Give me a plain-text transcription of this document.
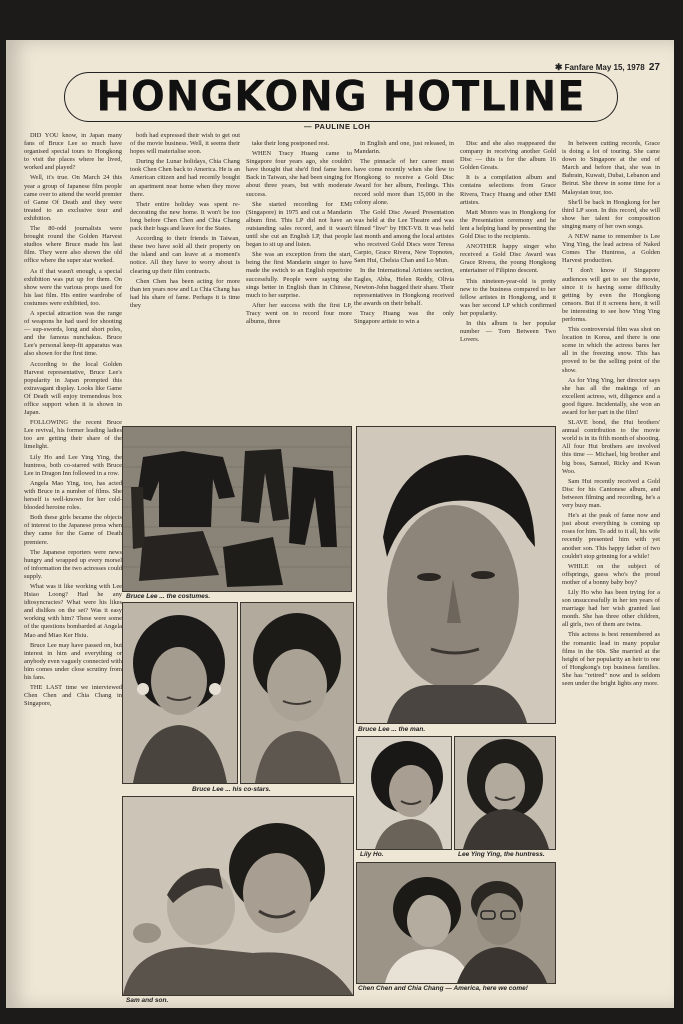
✱ Fanfare May 15, 1978 27
HONGKONG HOTLINE
— PAULINE LOH

DID YOU know, in Japan many fans of Bruce Lee so much have organised special tours to Hongkong to visit the places where he lived, worked and played?

Well, it's true. On March 24 this year a group of Japanese film people came over to attend the world premier of Game Of Death and they were treated to an exclusive tour and exhibition.

The 80-odd journalists were brought round the Golden Harvest studios where Bruce made his last film. They were also shown the old office where the super star worked.

As if that wasn't enough, a special exhibition was put up for them. On show were the various props used for his last film. His entire wardrobe of costumes were exhibited, too.

A special attraction was the range of weapons he had used for shooting — sup-swords, long and short poles, and the famous nunchakus. Bruce Lee's personal keep-fit apparatus was also shown for the first time.

According to the local Golden Harvest representative, Bruce Lee's popularity in Japan prompted this extravagant display. Looks like Game Of Death will enjoy tremendous box office support when it is shown in Japan.

FOLLOWING the recent Bruce Lee revival, his former leading ladies too are getting their share of the limelight.

Lily Ho and Lee Ying Ying, the huntress, both co-starred with Bruce Lee in Dragon Inn followed in a row.

Angela Mao Ying, too, has acted with Bruce in a number of films. She herself is well-known for her cold-blooded heroine roles.

Both these girls became the objects of interest to the Japanese press when they came for the Game of Death premiere.

The Japanese reporters were news hungry and wrapped up every morsel of information the two actresses could supply.

What was it like working with Lee Hsiao Loong? Had he any idiosyncracies? What were his likes and dislikes on the set? Was it easy working with him? These were some of the questions bombarded at Angela Mao and Miao Ker Hsiu.

Bruce Lee may have passed on, but interest in him and everything or anybody even vaguely connected with him comes under close scrutiny from his fans.

THE LAST time we interviewed Chen Chen and Chia Chang in Singapore,

both had expressed their wish to get out of the movie business. Well, it seems their hopes will materialise soon.

During the Lunar holidays, Chia Chang took Chen Chen back to America. He is an American citizen and had recently bought an apartment near home when they move there.

Their entire holiday was spent re-decorating the new home. It won't be too long before Chen Chen and Chia Chang pack their bags and leave for the States.

According to their friends in Taiwan, these two have sold all their property on the island and can leave at a moment's notice. All they have to worry about is clearing up their film contracts.

Chen Chen has been acting for more than ten years now and Lu Chia Chang has had his share of fame. Perhaps it is time they

take their long postponed rest.

WHEN Tracy Huang came to Singapore four years ago, she couldn't have thought that she'd find fame here. Back in Taiwan, she had been singing for about three years, but with moderate success.

She started recording for EMI (Singapore) in 1975 and cut a Mandarin album first. This LP did not have an outstanding sales record, and it wasn't until she cut an English LP, that people began to sit up and listen.

She was an exception from the start, being the first Mandarin singer to have made the switch to an English repertoire successfully. People were saying she sings better in English than in Chinese, much to her surprise.

After her success with the first LP, Tracy went on to record four more albums, three

in English and one, just released, in Mandarin.

The pinnacle of her career must have come recently when she flew to Hongkong to receive a Gold Disc Award for her album, Feelings. This record sold more than 15,000 in the colony alone.

The Gold Disc Award Presentation was held at the Lee Theatre and was filmed "live" by HKT-V8. It was held last month and among the local artistes who received Gold Discs were Teresa Carpio, Grace Rivera, New Topnotes, Sam Hui, Chelsia Chan and Lo Mun.

In the International Artistes section, Eagles, Abba, Helen Reddy, Olivia Newton-John bagged their share. Their representatives in Hongkong received the awards on their behalf.

Tracy Huang was the only Singapore artiste to win a

Disc and she also reappeared the company in receiving another Gold Disc — this is for the album 16 Golden Greats.

It is a compilation album and contains selections from Grace Rivera, Tracy Huang and other EMI artistes.

Matt Monro was in Hongkong for the Presentation ceremony and he lent a helping hand by presenting the Gold Disc to the recipients.

ANOTHER happy singer who received a Gold Disc Award was Grace Rivera, the young Hongkong entertainer of Filipino descent.

This nineteen-year-old is pretty new to the business compared to her fellow artistes in Hongkong, and it was her second LP which confirmed her popularity.

In this album is her popular number — Torn Between Two Lovers.

In between cutting records, Grace is doing a lot of touring. She came down to Singapore at the end of March and before that, she was in Bahrain, Kuwait, Dubai, Lebanon and Beirut. She threw in some time for a Malaysian tour, too.

She'll be back in Hongkong for her third LP soon. In this record, she will show her talent for composition singing many of her own songs.

A NEW name to remember is Lee Ying Ying, the lead actress of Naked Comes The Huntress, a Golden Harvest production.

"I don't know if Singapore audiences will get to see the movie, since it is having some difficulty getting by even the Hongkong censors. But if it screens here, it will be interesting to see how Ying Ying performs.

This controversial film was shot on location in Korea, and there is one scene in which the actress bares her all in the freezing snow. This has proved to be the selling point of the show.

As for Ying Ying, her director says she has all the makings of an excellent actress, wit, diligence and a good figure. Incidentally, she won an award for her part in the film!

SLAVE bond, the Hui brothers' annual contribution to the movie world is in its fifth month of shooting. All four Hui brothers are involved this time — Michael, big brother and big boss, Samuel, Ricky and Kwan Woo.

Sam Hui recently received a Gold Disc for his Cantonese album, and between filming and recording, he's a very busy man.

He's at the peak of fame now and just about everything is coming up roses for him. To add to it all, his wife recently presented him with yet another son. This happy father of two couldn't stop grinning for a while!

WHILE on the subject of offsprings, guess who's the proud mother of a bonny baby boy?

Lily Ho who has been trying for a son unsuccessfully in her ten years of marriage had her wish granted last month. She has three other children, all girls, two of them are twins.

This actress is best remembered as the romantic lead in many popular films in the 60s. She married at the height of her popularity an heir to one of Hongkong's top business families. She has "retired" now and is seldom seen under the bright lights any more.

Bruce Lee ... the costumes.
Bruce Lee ... the man.
Bruce Lee ... his co-stars.
Lily Ho.	Lee Ying Ying, the huntress.
Sam and son.
Chen Chen and Chia Chang — America, here we come!
